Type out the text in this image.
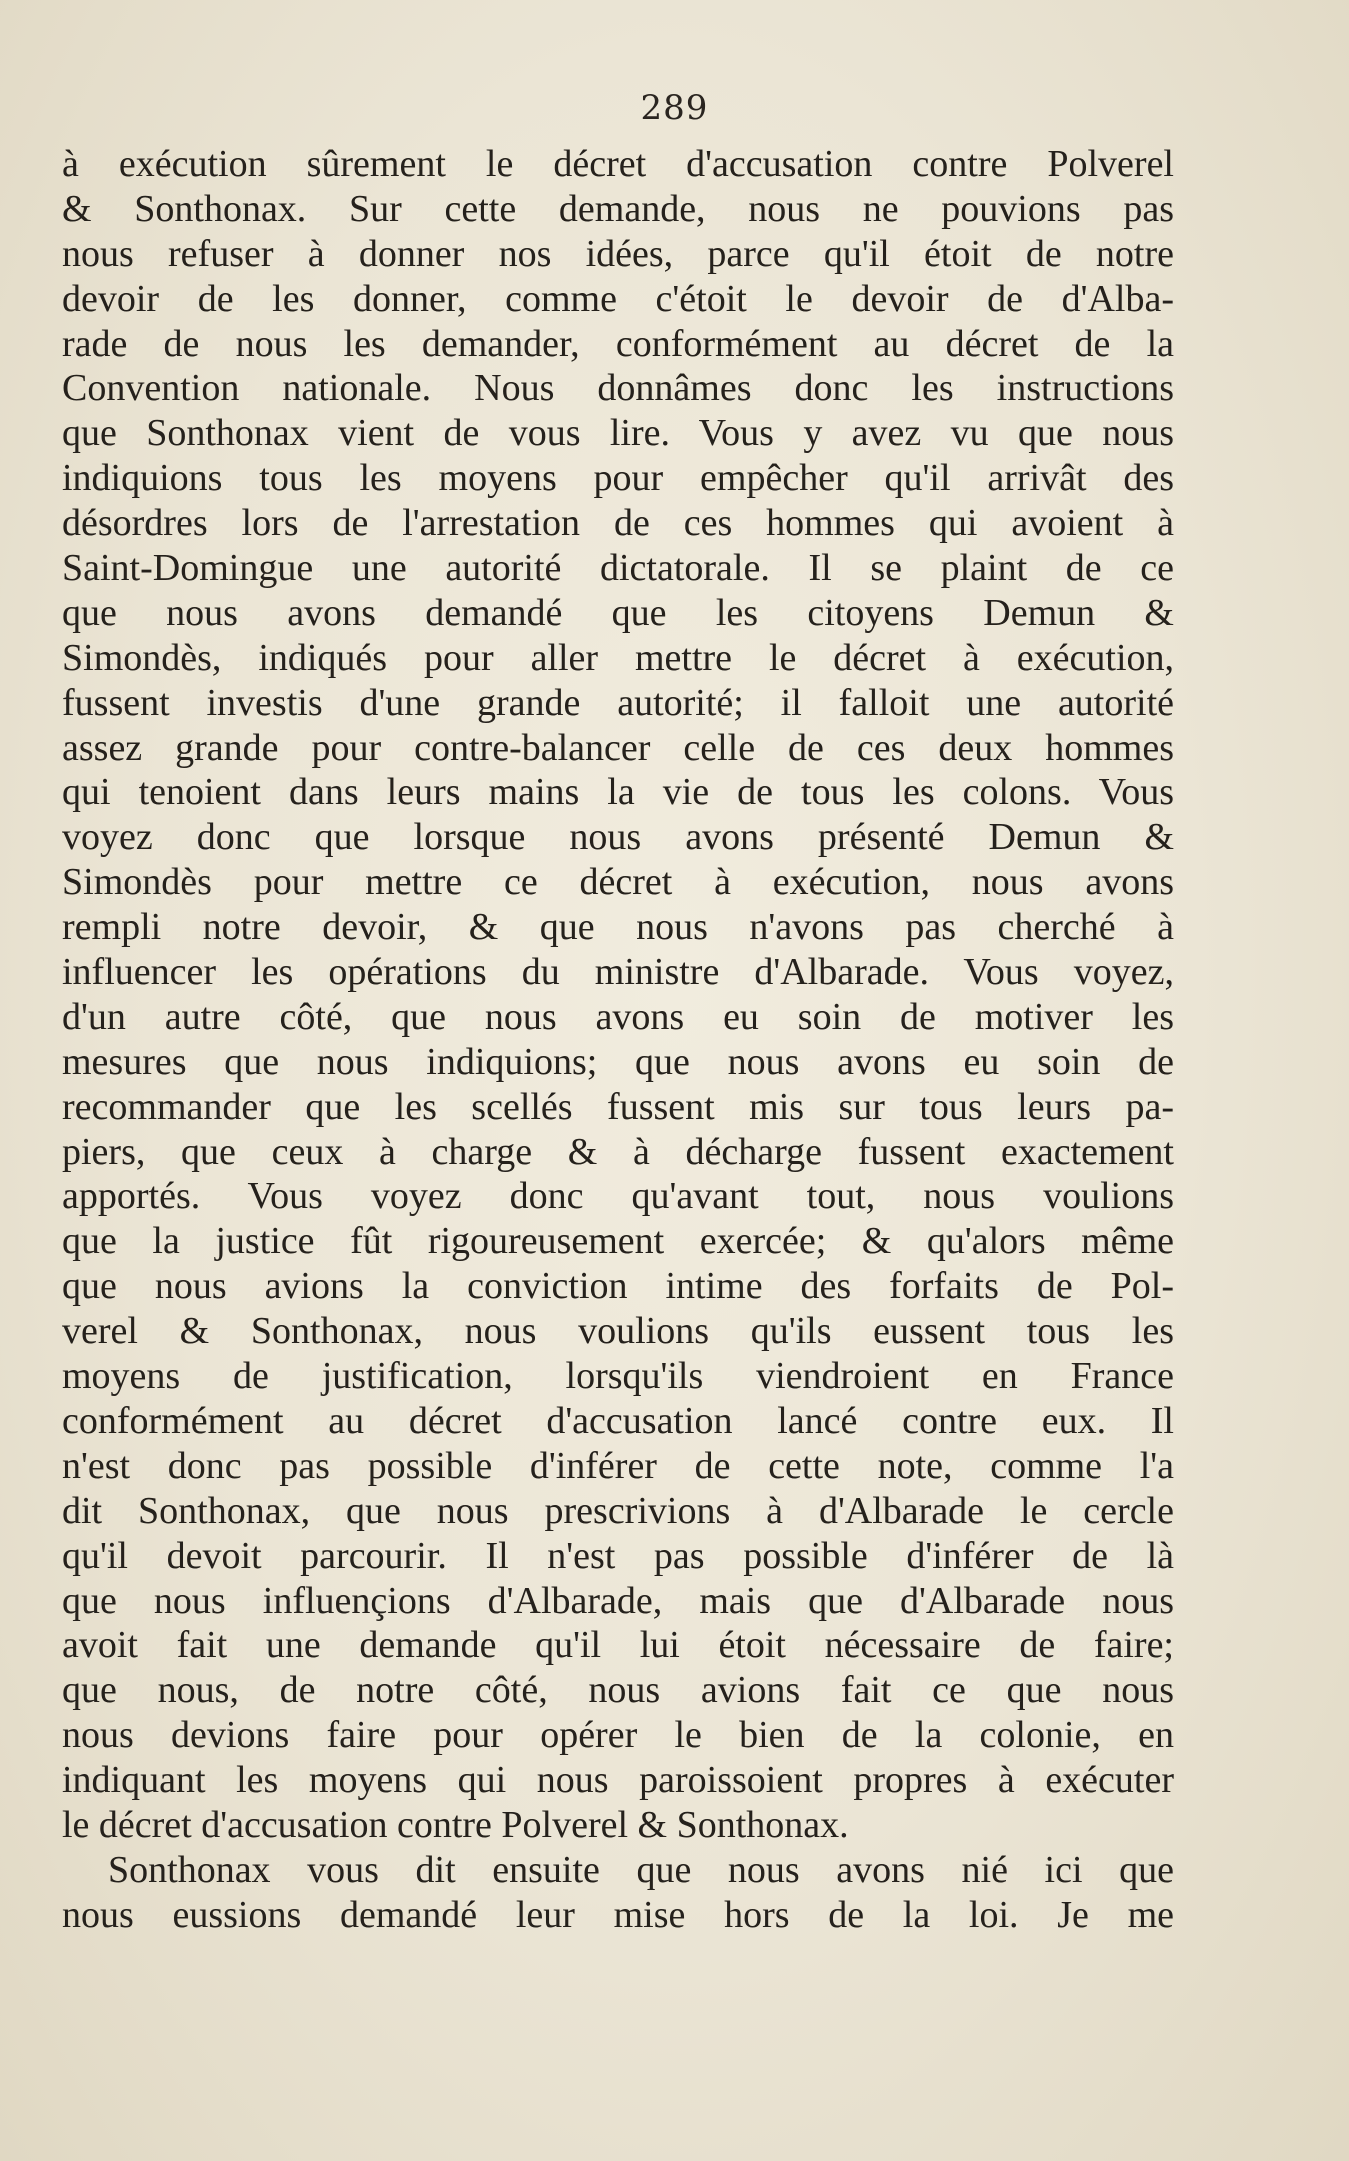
289
à exécution sûrement le décret d'accusation contre Polverel
& Sonthonax. Sur cette demande, nous ne pouvions pas
nous refuser à donner nos idées, parce qu'il étoit de notre
devoir de les donner, comme c'étoit le devoir de d'Alba-
rade de nous les demander, conformément au décret de la
Convention nationale. Nous donnâmes donc les instructions
que Sonthonax vient de vous lire. Vous y avez vu que nous
indiquions tous les moyens pour empêcher qu'il arrivât des
désordres lors de l'arrestation de ces hommes qui avoient à
Saint-Domingue une autorité dictatorale. Il se plaint de ce
que nous avons demandé que les citoyens Demun &
Simondès, indiqués pour aller mettre le décret à exécution,
fussent investis d'une grande autorité; il falloit une autorité
assez grande pour contre-balancer celle de ces deux hommes
qui tenoient dans leurs mains la vie de tous les colons. Vous
voyez donc que lorsque nous avons présenté Demun &
Simondès pour mettre ce décret à exécution, nous avons
rempli notre devoir, & que nous n'avons pas cherché à
influencer les opérations du ministre d'Albarade. Vous voyez,
d'un autre côté, que nous avons eu soin de motiver les
mesures que nous indiquions; que nous avons eu soin de
recommander que les scellés fussent mis sur tous leurs pa-
piers, que ceux à charge & à décharge fussent exactement
apportés. Vous voyez donc qu'avant tout, nous voulions
que la justice fût rigoureusement exercée; & qu'alors même
que nous avions la conviction intime des forfaits de Pol-
verel & Sonthonax, nous voulions qu'ils eussent tous les
moyens de justification, lorsqu'ils viendroient en France
conformément au décret d'accusation lancé contre eux. Il
n'est donc pas possible d'inférer de cette note, comme l'a
dit Sonthonax, que nous prescrivions à d'Albarade le cercle
qu'il devoit parcourir. Il n'est pas possible d'inférer de là
que nous influençions d'Albarade, mais que d'Albarade nous
avoit fait une demande qu'il lui étoit nécessaire de faire;
que nous, de notre côté, nous avions fait ce que nous
nous devions faire pour opérer le bien de la colonie, en
indiquant les moyens qui nous paroissoient propres à exécuter
le décret d'accusation contre Polverel & Sonthonax.
Sonthonax vous dit ensuite que nous avons nié ici que
nous eussions demandé leur mise hors de la loi. Je me
